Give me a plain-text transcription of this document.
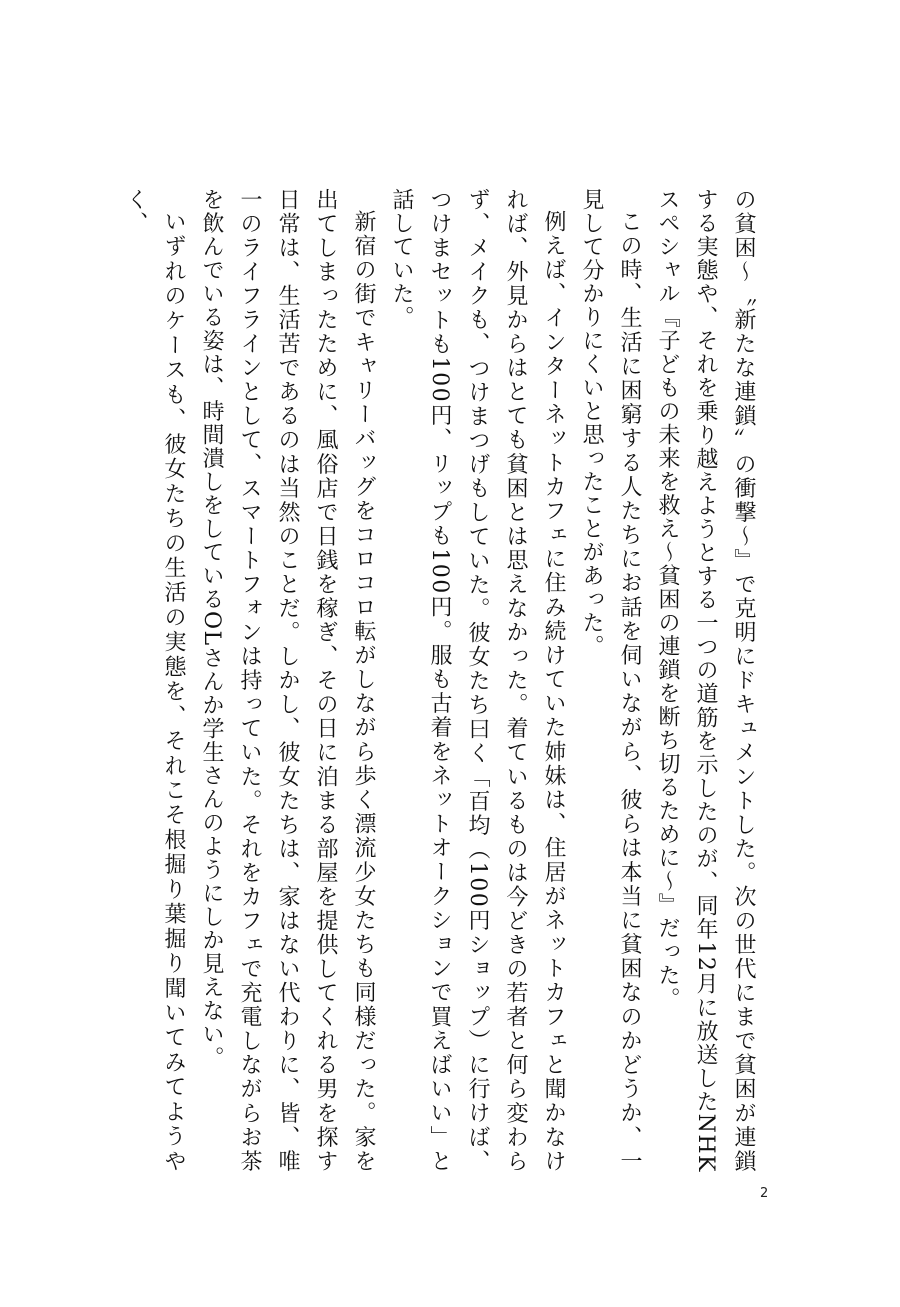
の貧困～〝新たな連鎖〟の衝撃～』で克明にドキュメントした。次の世代にまで貧困が連鎖する実態や、それを乗り越えようとする一つの道筋を示したのが、同年12月に放送したNHKスペシャル『子どもの未来を救え～貧困の連鎖を断ち切るために～』だった。

この時、生活に困窮する人たちにお話を伺いながら、彼らは本当に貧困なのかどうか、一見して分かりにくいと思ったことがあった。

例えば、インターネットカフェに住み続けていた姉妹は、住居がネットカフェと聞かなければ、外見からはとても貧困とは思えなかった。着ているものは今どきの若者と何ら変わらず、メイクも、つけまつげもしていた。彼女たち曰く「百均（100円ショップ）に行けば、つけまセットも100円、リップも100円。服も古着をネットオークションで買えばいい」と話していた。

新宿の街でキャリーバッグをコロコロ転がしながら歩く漂流少女たちも同様だった。家を出てしまったために、風俗店で日銭を稼ぎ、その日に泊まる部屋を提供してくれる男を探す日常は、生活苦であるのは当然のことだ。しかし、彼女たちは、家はない代わりに、皆、唯一のライフラインとして、スマートフォンは持っていた。それをカフェで充電しながらお茶を飲んでいる姿は、時間潰しをしているOLさんか学生さんのようにしか見えない。

いずれのケースも、彼女たちの生活の実態を、それこそ根掘り葉掘り聞いてみてようやく、

2
